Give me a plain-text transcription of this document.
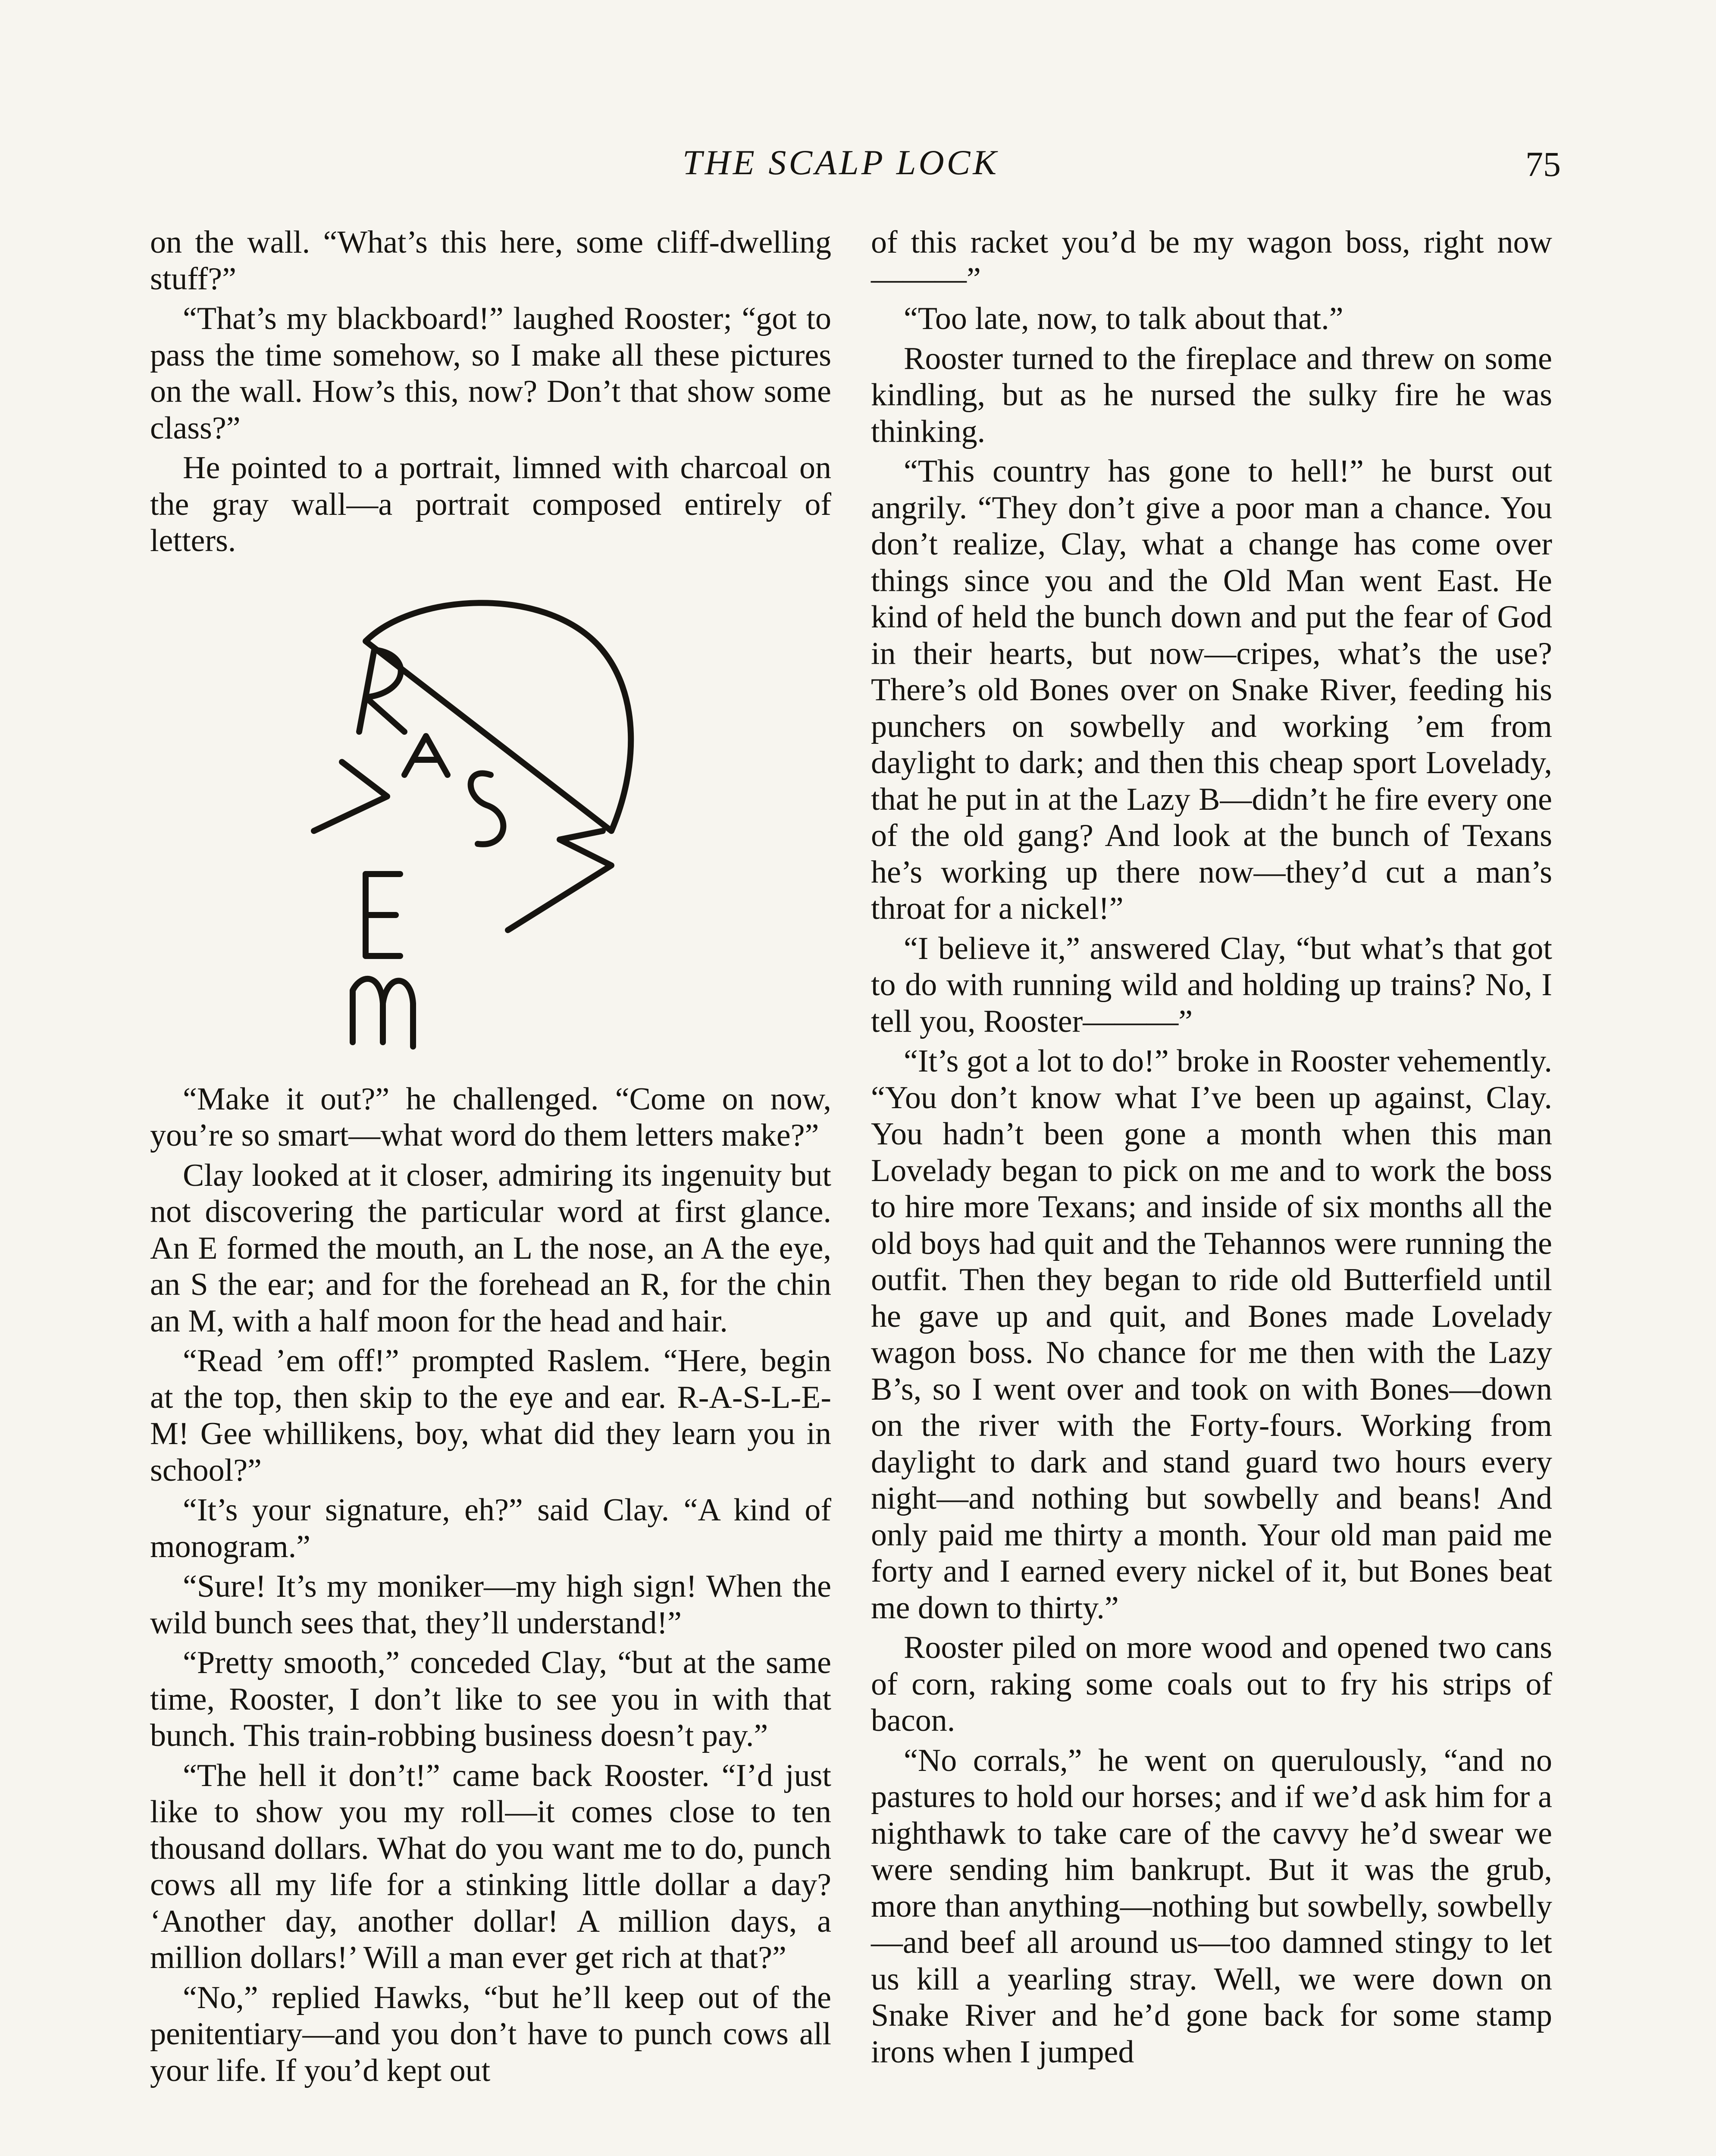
THE SCALP LOCK	75

on the wall. “What’s this here, some cliff-dwelling stuff?”

“That’s my blackboard!” laughed Rooster; “got to pass the time somehow, so I make all these pictures on the wall. How’s this, now? Don’t that show some class?”

He pointed to a portrait, limned with charcoal on the gray wall—a portrait composed entirely of letters.

“Make it out?” he challenged. “Come on now, you’re so smart—what word do them letters make?”

Clay looked at it closer, admiring its ingenuity but not discovering the particular word at first glance. An E formed the mouth, an L the nose, an A the eye, an S the ear; and for the forehead an R, for the chin an M, with a half moon for the head and hair.

“Read ’em off!” prompted Raslem. “Here, begin at the top, then skip to the eye and ear. R-A-S-L-E-M! Gee whillikens, boy, what did they learn you in school?”

“It’s your signature, eh?” said Clay. “A kind of monogram.”

“Sure! It’s my moniker—my high sign! When the wild bunch sees that, they’ll understand!”

“Pretty smooth,” conceded Clay, “but at the same time, Rooster, I don’t like to see you in with that bunch. This train-robbing business doesn’t pay.”

“The hell it don’t!” came back Rooster. “I’d just like to show you my roll—it comes close to ten thousand dollars. What do you want me to do, punch cows all my life for a stinking little dollar a day? ‘Another day, another dollar! A million days, a million dollars!’ Will a man ever get rich at that?”

“No,” replied Hawks, “but he’ll keep out of the penitentiary—and you don’t have to punch cows all your life. If you’d kept out

of this racket you’d be my wagon boss, right now———”

“Too late, now, to talk about that.”

Rooster turned to the fireplace and threw on some kindling, but as he nursed the sulky fire he was thinking.

“This country has gone to hell!” he burst out angrily. “They don’t give a poor man a chance. You don’t realize, Clay, what a change has come over things since you and the Old Man went East. He kind of held the bunch down and put the fear of God in their hearts, but now—cripes, what’s the use? There’s old Bones over on Snake River, feeding his punchers on sowbelly and working ’em from daylight to dark; and then this cheap sport Lovelady, that he put in at the Lazy B—didn’t he fire every one of the old gang? And look at the bunch of Texans he’s working up there now—they’d cut a man’s throat for a nickel!”

“I believe it,” answered Clay, “but what’s that got to do with running wild and holding up trains? No, I tell you, Rooster———”

“It’s got a lot to do!” broke in Rooster vehemently. “You don’t know what I’ve been up against, Clay. You hadn’t been gone a month when this man Lovelady began to pick on me and to work the boss to hire more Texans; and inside of six months all the old boys had quit and the Tehannos were running the outfit. Then they began to ride old Butterfield until he gave up and quit, and Bones made Lovelady wagon boss. No chance for me then with the Lazy B’s, so I went over and took on with Bones—down on the river with the Forty-fours. Working from daylight to dark and stand guard two hours every night—and nothing but sowbelly and beans! And only paid me thirty a month. Your old man paid me forty and I earned every nickel of it, but Bones beat me down to thirty.”

Rooster piled on more wood and opened two cans of corn, raking some coals out to fry his strips of bacon.

“No corrals,” he went on querulously, “and no pastures to hold our horses; and if we’d ask him for a nighthawk to take care of the cavvy he’d swear we were sending him bankrupt. But it was the grub, more than anything—nothing but sowbelly, sowbelly—and beef all around us—too damned stingy to let us kill a yearling stray. Well, we were down on Snake River and he’d gone back for some stamp irons when I jumped
